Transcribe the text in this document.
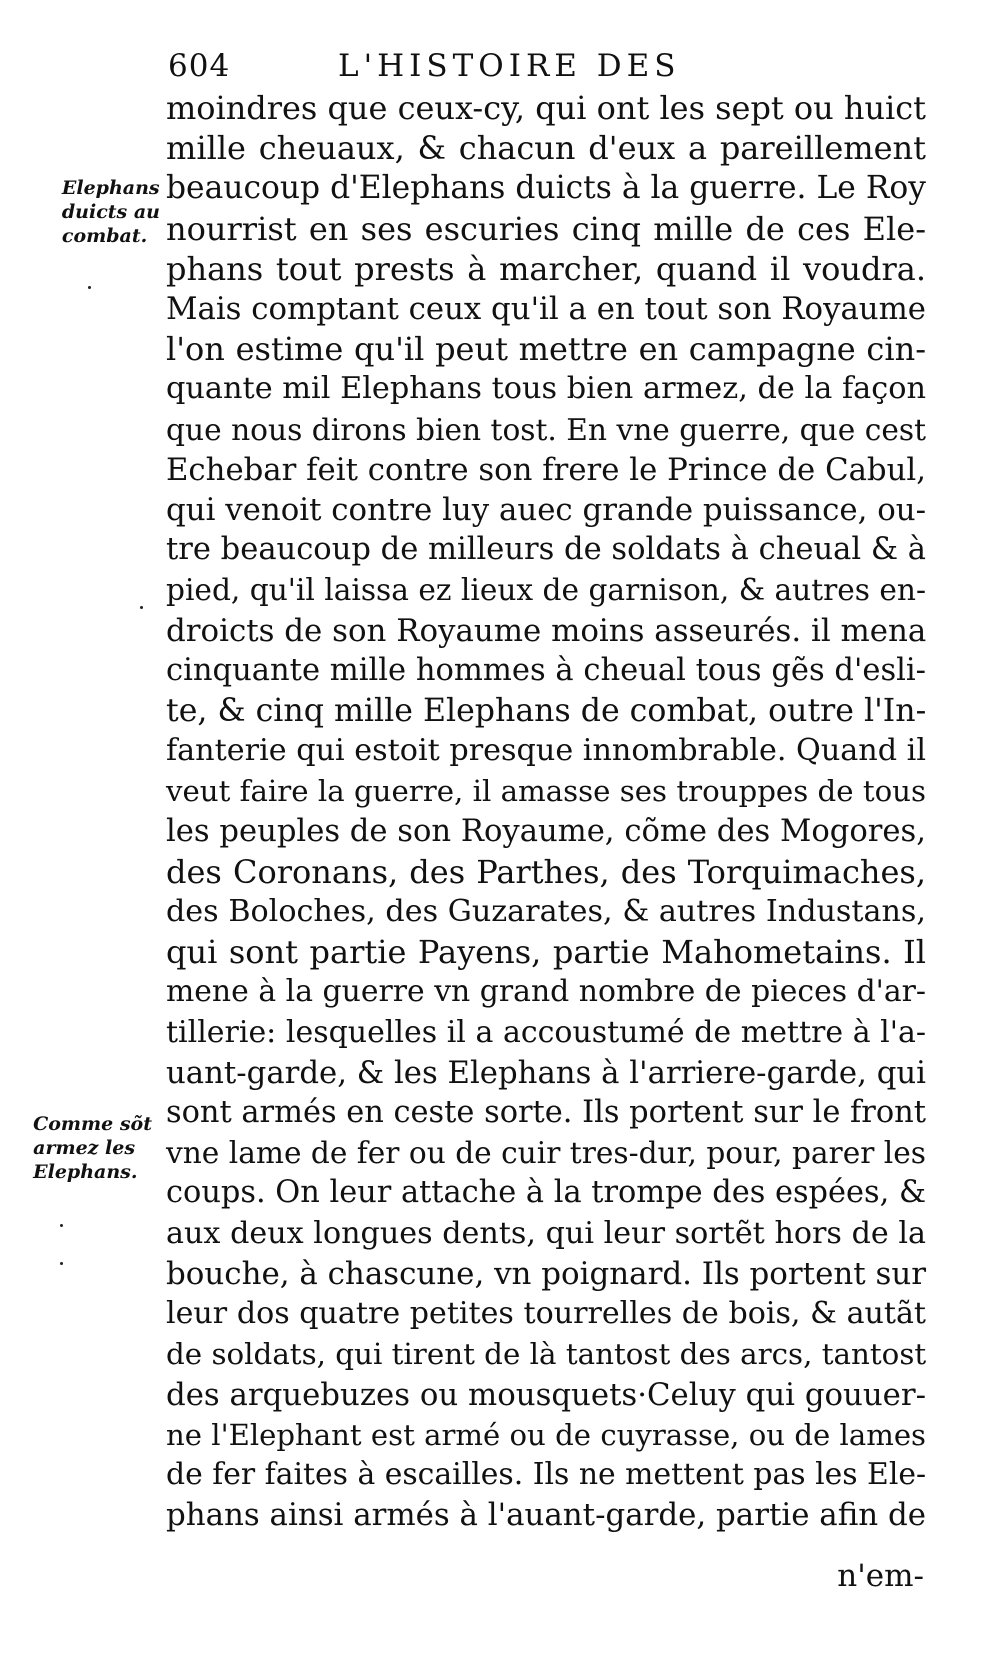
604	L'HISTOIRE DES
Elephans
duicts au
combat.
Comme sõt
armez les
Elephans.
moindres que ceux-cy, qui ont les sept ou huict
mille cheuaux, & chacun d'eux a pareillement
beaucoup d'Elephans duicts à la guerre. Le Roy
nourrist en ses escuries cinq mille de ces Ele-
phans tout prests à marcher, quand il voudra.
Mais comptant ceux qu'il a en tout son Royaume
l'on estime qu'il peut mettre en campagne cin-
quante mil Elephans tous bien armez, de la façon
que nous dirons bien tost. En vne guerre, que cest
Echebar feit contre son frere le Prince de Cabul,
qui venoit contre luy auec grande puissance, ou-
tre beaucoup de milleurs de soldats à cheual & à
pied, qu'il laissa ez lieux de garnison, & autres en-
droicts de son Royaume moins asseurés. il mena
cinquante mille hommes à cheual tous gẽs d'esli-
te, & cinq mille Elephans de combat, outre l'In-
fanterie qui estoit presque innombrable. Quand il
veut faire la guerre, il amasse ses trouppes de tous
les peuples de son Royaume, cõme des Mogores,
des Coronans, des Parthes, des Torquimaches,
des Boloches, des Guzarates, & autres Industans,
qui sont partie Payens, partie Mahometains. Il
mene à la guerre vn grand nombre de pieces d'ar-
tillerie: lesquelles il a accoustumé de mettre à l'a-
uant-garde, & les Elephans à l'arriere-garde, qui
sont armés en ceste sorte. Ils portent sur le front
vne lame de fer ou de cuir tres-dur, pour, parer les
coups. On leur attache à la trompe des espées, &
aux deux longues dents, qui leur sortẽt hors de la
bouche, à chascune, vn poignard. Ils portent sur
leur dos quatre petites tourrelles de bois, & autãt
de soldats, qui tirent de là tantost des arcs, tantost
des arquebuzes ou mousquets·Celuy qui gouuer-
ne l'Elephant est armé ou de cuyrasse, ou de lames
de fer faites à escailles. Ils ne mettent pas les Ele-
phans ainsi armés à l'auant-garde, partie afin de
n'em-
